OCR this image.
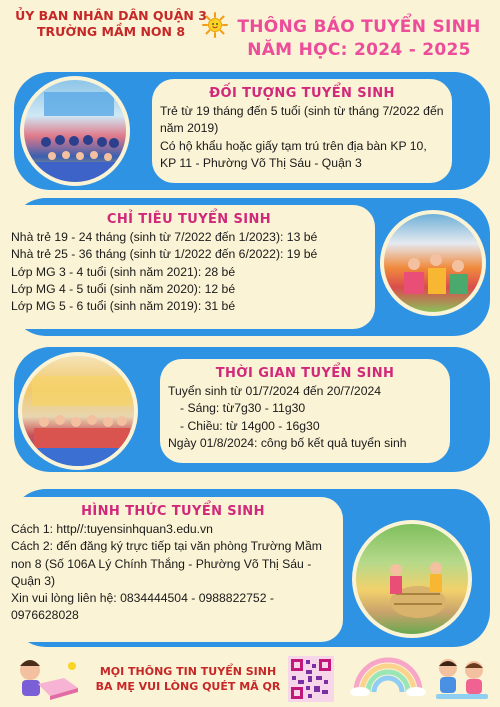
ỦY BAN NHÂN DÂN QUẬN 3
TRƯỜNG MẦM NON 8	THÔNG BÁO TUYỂN SINH
NĂM HỌC: 2024 - 2025
ĐỐI TƯỢNG TUYỂN SINH

Trẻ từ 19 tháng đến 5 tuổi (sinh từ tháng 7/2022 đến năm 2019)

Có hộ khẩu hoặc giấy tạm trú trên địa bàn KP 10, KP 11 - Phường Võ Thị Sáu - Quận 3

CHỈ TIÊU TUYỂN SINH

Nhà trẻ 19 - 24 tháng (sinh từ 7/2022 đến 1/2023): 13 bé

Nhà trẻ 25 - 36 tháng (sinh từ 1/2022 đến 6/2022): 19 bé

Lớp MG 3 - 4 tuổi (sinh năm 2021): 28 bé

Lớp MG 4 - 5 tuổi (sinh năm 2020): 12 bé

Lớp MG 5 - 6 tuổi (sinh năm 2019): 31 bé

THỜI GIAN TUYỂN SINH

Tuyển sinh từ 01/7/2024 đến 20/7/2024

- Sáng: từ7g30 - 11g30

- Chiều: từ 14g00 - 16g30

Ngày 01/8/2024: công bố kết quả tuyển sinh

HÌNH THỨC TUYỂN SINH

Cách 1: http//:tuyensinhquan3.edu.vn

Cách 2: đến đăng ký trực tiếp tại văn phòng Trường Mầm non 8 (Số 106A Lý Chính Thắng - Phường Võ Thị Sáu - Quận 3)

Xin vui lòng liên hệ: 0834444504 - 0988822752 - 0976628028

MỌI THÔNG TIN TUYỂN SINH
BA MẸ VUI LÒNG QUÉT MÃ QR
